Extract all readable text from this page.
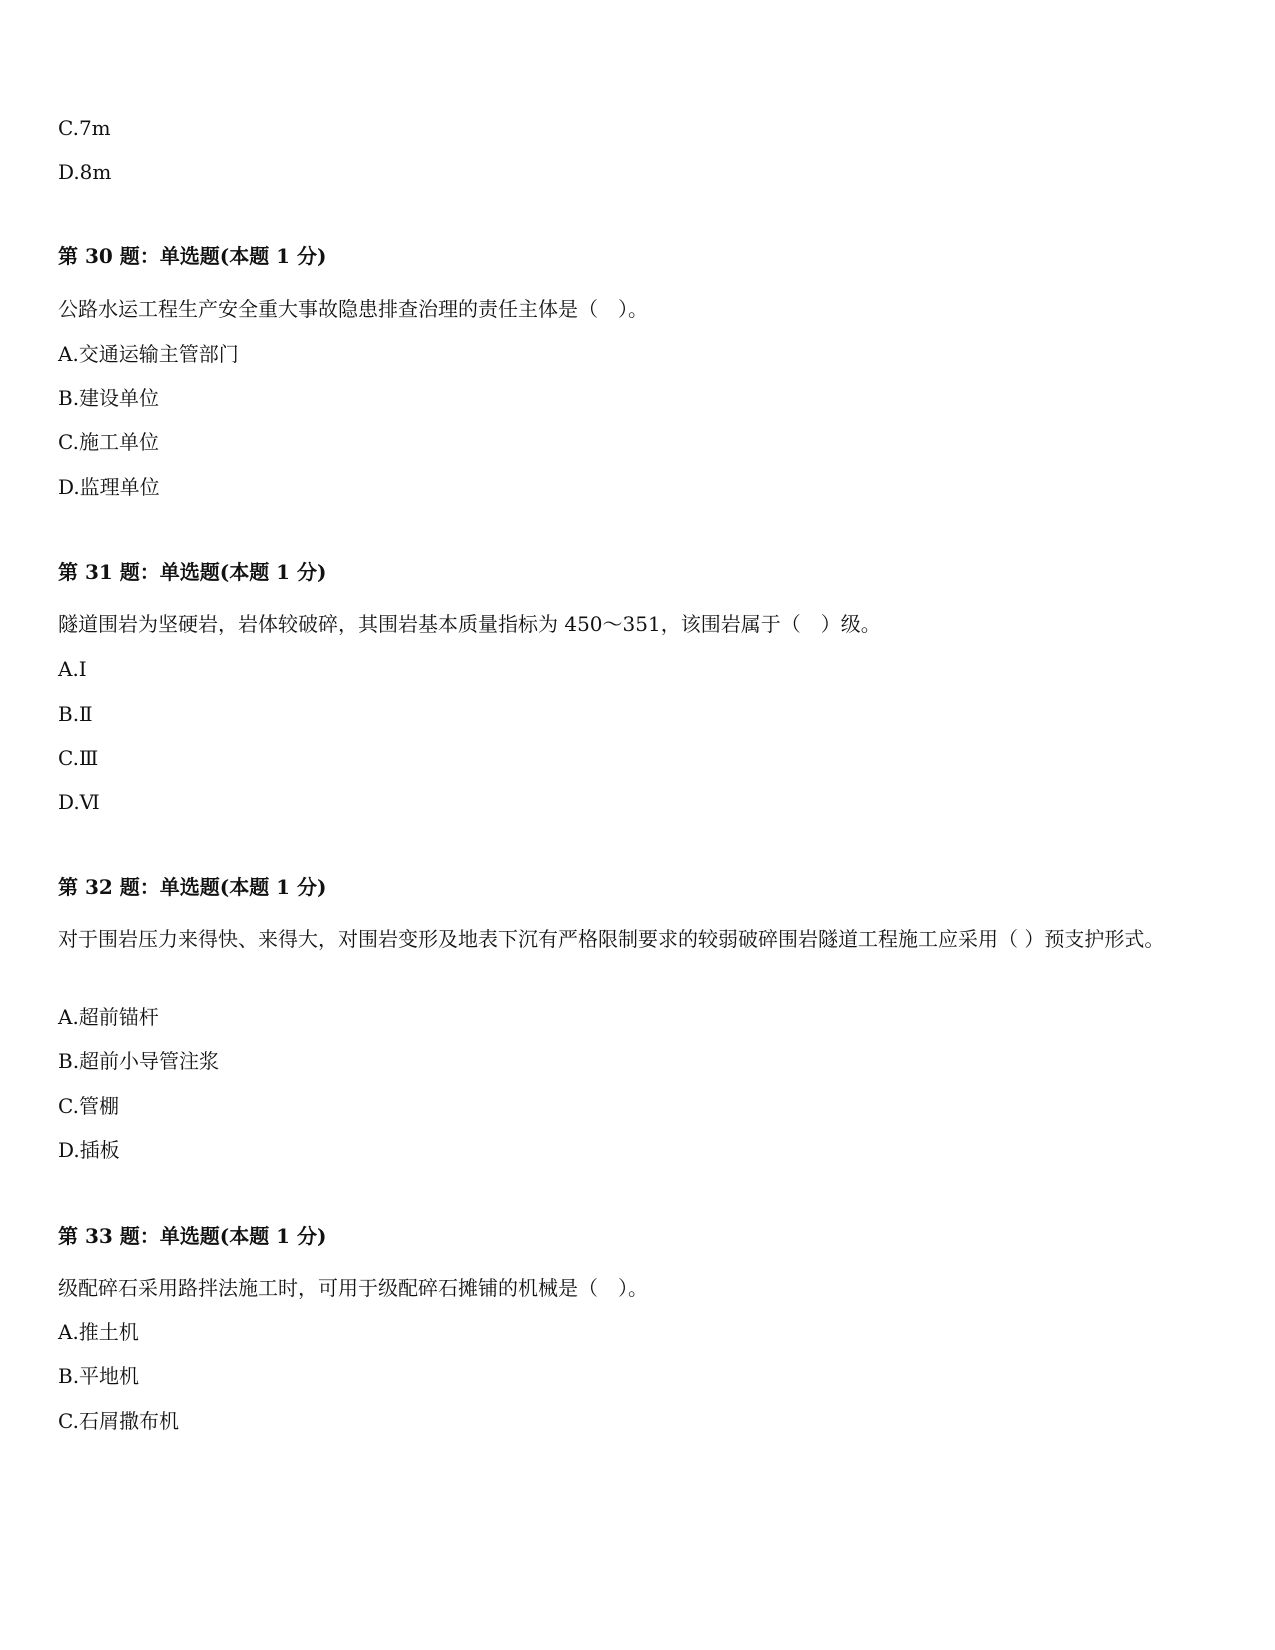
C.7m
D.8m
第 30 题：单选题(本题 1 分)
公路水运工程生产安全重大事故隐患排查治理的责任主体是（　）。
A.交通运输主管部门
B.建设单位
C.施工单位
D.监理单位
第 31 题：单选题(本题 1 分)
隧道围岩为坚硬岩，岩体较破碎，其围岩基本质量指标为 450～351，该围岩属于（　）级。
A.Ⅰ
B.Ⅱ
C.Ⅲ
D.Ⅵ
第 32 题：单选题(本题 1 分)
对于围岩压力来得快、来得大，对围岩变形及地表下沉有严格限制要求的较弱破碎围岩隧道工程施工应采用（ ）预支护形式。
A.超前锚杆
B.超前小导管注浆
C.管棚
D.插板
第 33 题：单选题(本题 1 分)
级配碎石采用路拌法施工时，可用于级配碎石摊铺的机械是（　）。
A.推土机
B.平地机
C.石屑撒布机
